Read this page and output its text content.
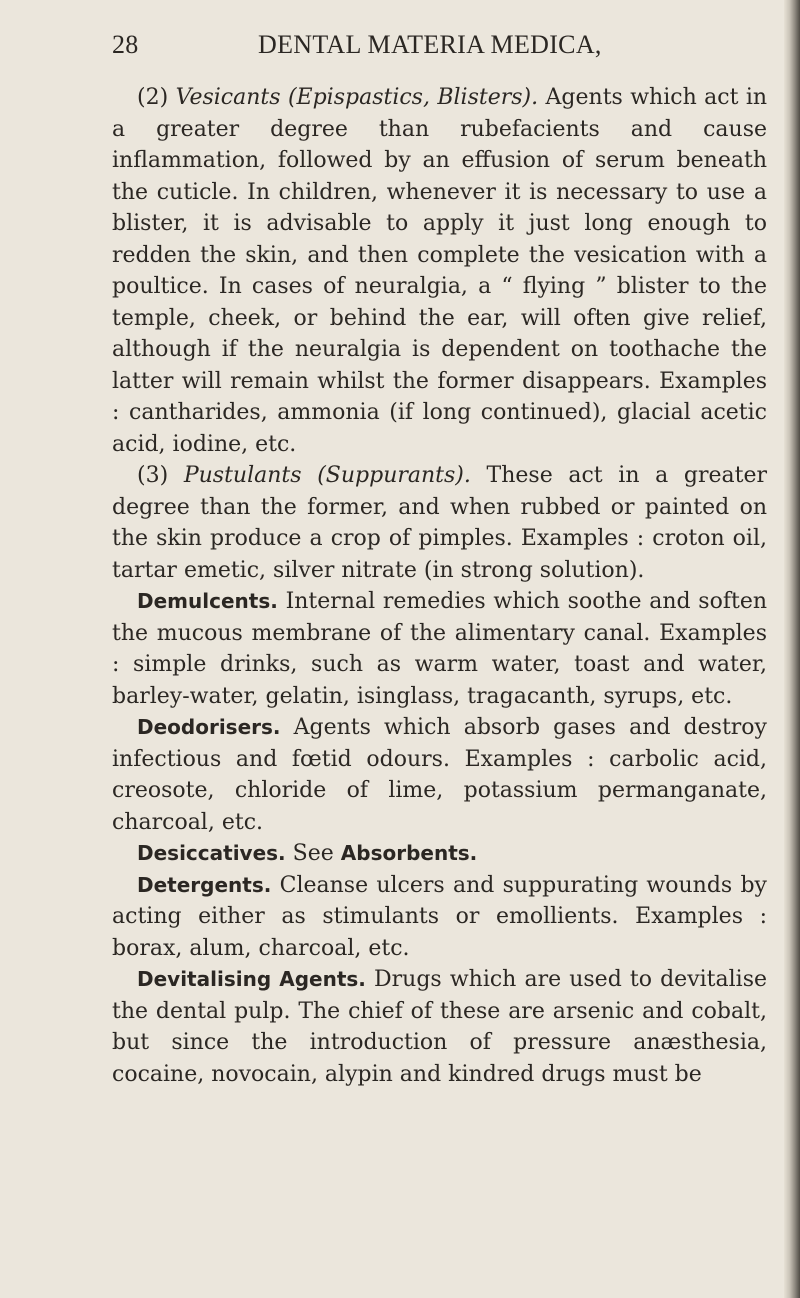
28	DENTAL MATERIA MEDICA,

(2) Vesicants (Epispastics, Blisters). Agents which act in a greater degree than rubefacients and cause inflammation, followed by an effusion of serum beneath the cuticle. In children, whenever it is necessary to use a blister, it is advisable to apply it just long enough to redden the skin, and then complete the vesication with a poultice. In cases of neuralgia, a “ flying ” blister to the temple, cheek, or behind the ear, will often give relief, although if the neuralgia is dependent on toothache the latter will remain whilst the former disappears. Examples : cantharides, ammonia (if long continued), glacial acetic acid, iodine, etc.

(3) Pustulants (Suppurants). These act in a greater degree than the former, and when rubbed or painted on the skin produce a crop of pimples. Examples : croton oil, tartar emetic, silver nitrate (in strong solution).

Demulcents. Internal remedies which soothe and soften the mucous membrane of the alimentary canal. Examples : simple drinks, such as warm water, toast and water, barley-water, gelatin, isinglass, tragacanth, syrups, etc.

Deodorisers. Agents which absorb gases and destroy infectious and fœtid odours. Examples : carbolic acid, creosote, chloride of lime, potassium permanganate, charcoal, etc.

Desiccatives. See Absorbents.

Detergents. Cleanse ulcers and suppurating wounds by acting either as stimulants or emollients. Examples : borax, alum, charcoal, etc.

Devitalising Agents. Drugs which are used to devitalise the dental pulp. The chief of these are arsenic and cobalt, but since the introduction of pressure anæsthesia, cocaine, novocain, alypin and kindred drugs must be
